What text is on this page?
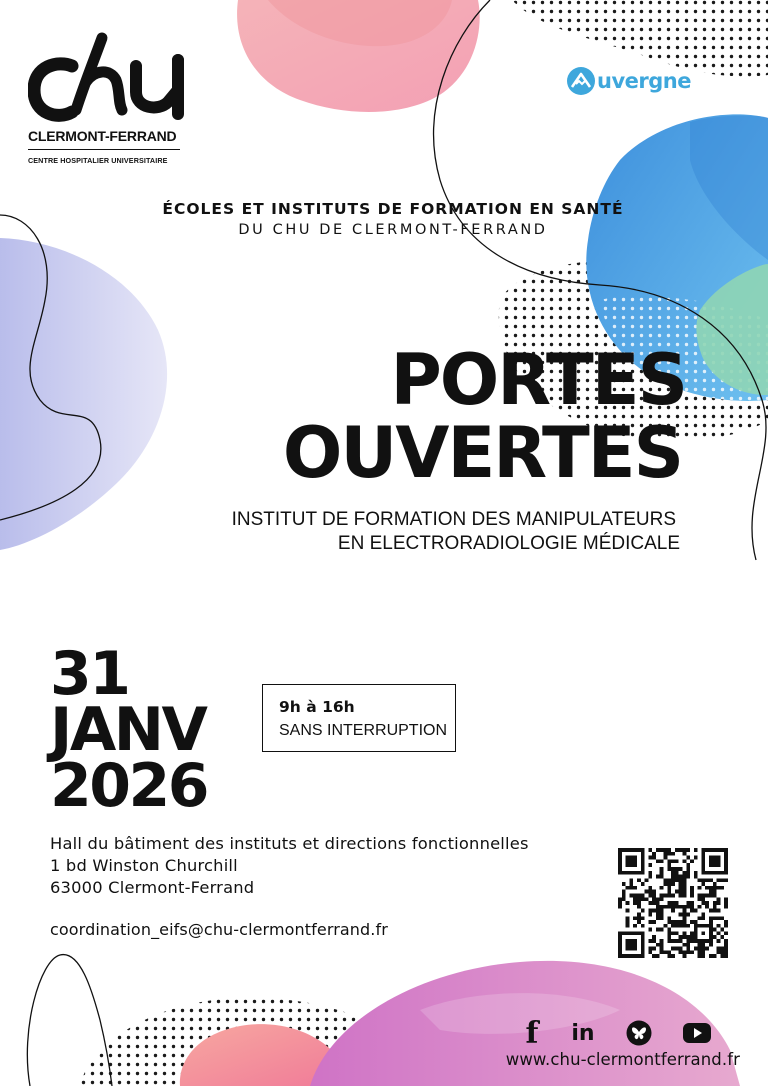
CLERMONT-FERRAND
CENTRE HOSPITALIER UNIVERSITAIRE
uvergne
ÉCOLES ET INSTITUTS DE FORMATION EN SANTÉ
DU CHU DE CLERMONT-FERRAND
PORTES
OUVERTES
INSTITUT DE FORMATION DES MANIPULATEURS
EN ELECTRORADIOLOGIE MÉDICALE
31
JANV
2026
9h à 16h
SANS INTERRUPTION
Hall du bâtiment des instituts et directions fonctionnelles
1 bd Winston Churchill
63000 Clermont-Ferrand
coordination_eifs@chu-clermontferrand.fr
f	in
www.chu-clermontferrand.fr
